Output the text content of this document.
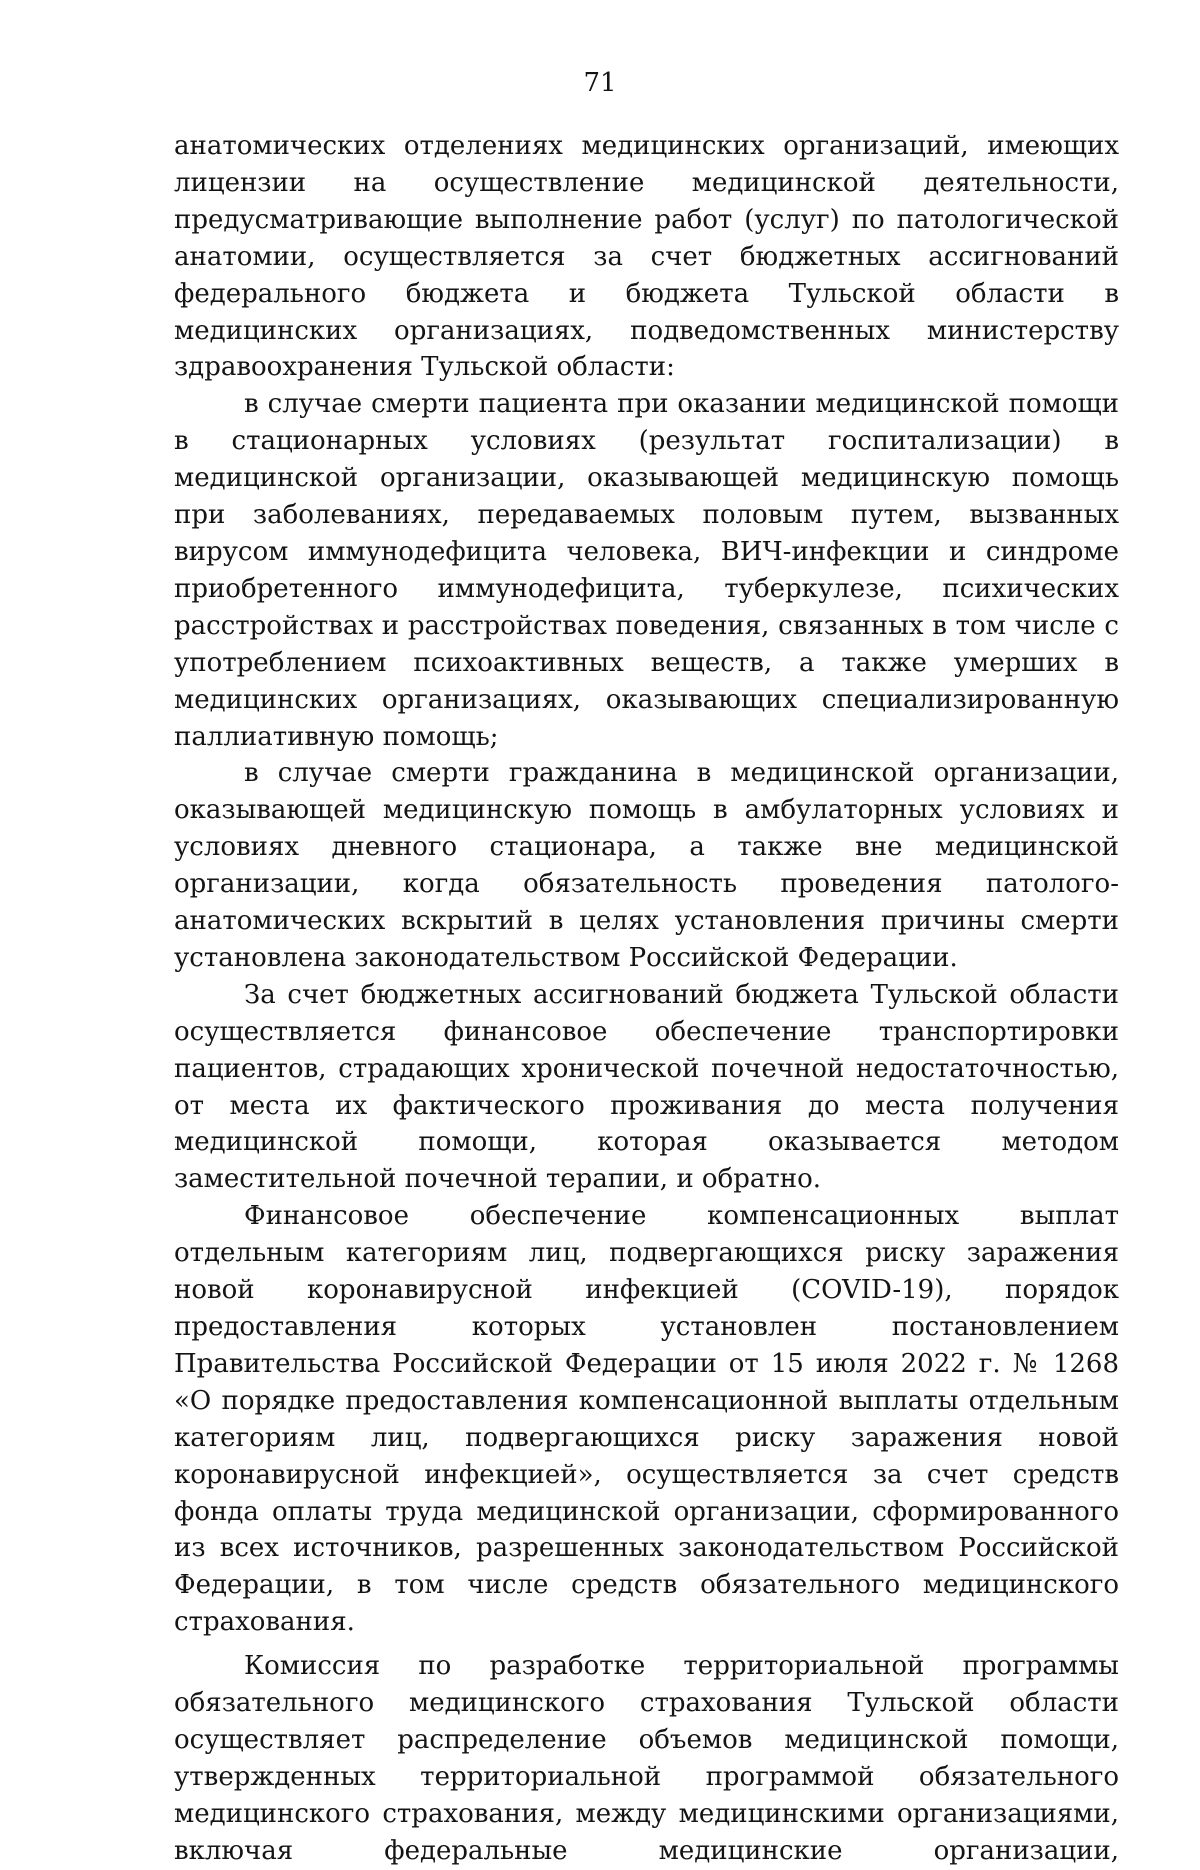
71

анатомических отделениях медицинских организаций, имеющих лицензии на осуществление медицинской деятельности, предусматривающие выполнение работ (услуг) по патологической анатомии, осуществляется за счет бюджетных ассигнований федерального бюджета и бюджета Тульской области в медицинских организациях, подведомственных министерству здравоохранения Тульской области:

в случае смерти пациента при оказании медицинской помощи в стационарных условиях (результат госпитализации) в медицинской организации, оказывающей медицинскую помощь при заболеваниях, передаваемых половым путем, вызванных вирусом иммунодефицита человека, ВИЧ-инфекции и синдроме приобретенного иммунодефицита, туберкулезе, психических расстройствах и расстройствах поведения, связанных в том числе с употреблением психоактивных веществ, а также умерших в медицинских организациях, оказывающих специализированную паллиативную помощь;

в случае смерти гражданина в медицинской организации, оказывающей медицинскую помощь в амбулаторных условиях и условиях дневного стационара, а также вне медицинской организации, когда обязательность проведения патолого-анатомических вскрытий в целях установления причины смерти установлена законодательством Российской Федерации.

За счет бюджетных ассигнований бюджета Тульской области осуществляется финансовое обеспечение транспортировки пациентов, страдающих хронической почечной недостаточностью, от места их фактического проживания до места получения медицинской помощи, которая оказывается методом заместительной почечной терапии, и обратно.

Финансовое обеспечение компенсационных выплат отдельным категориям лиц, подвергающихся риску заражения новой коронавирусной инфекцией (COVID-19), порядок предоставления которых установлен постановлением Правительства Российской Федерации от 15 июля 2022 г. № 1268 «О порядке предоставления компенсационной выплаты отдельным категориям лиц, подвергающихся риску заражения новой коронавирусной инфекцией», осуществляется за счет средств фонда оплаты труда медицинской организации, сформированного из всех источников, разрешенных законодательством Российской Федерации, в том числе средств обязательного медицинского страхования.

Комиссия по разработке территориальной программы обязательного медицинского страхования Тульской области осуществляет распределение объемов медицинской помощи, утвержденных территориальной программой обязательного медицинского страхования, между медицинскими организациями, включая федеральные медицинские организации,
